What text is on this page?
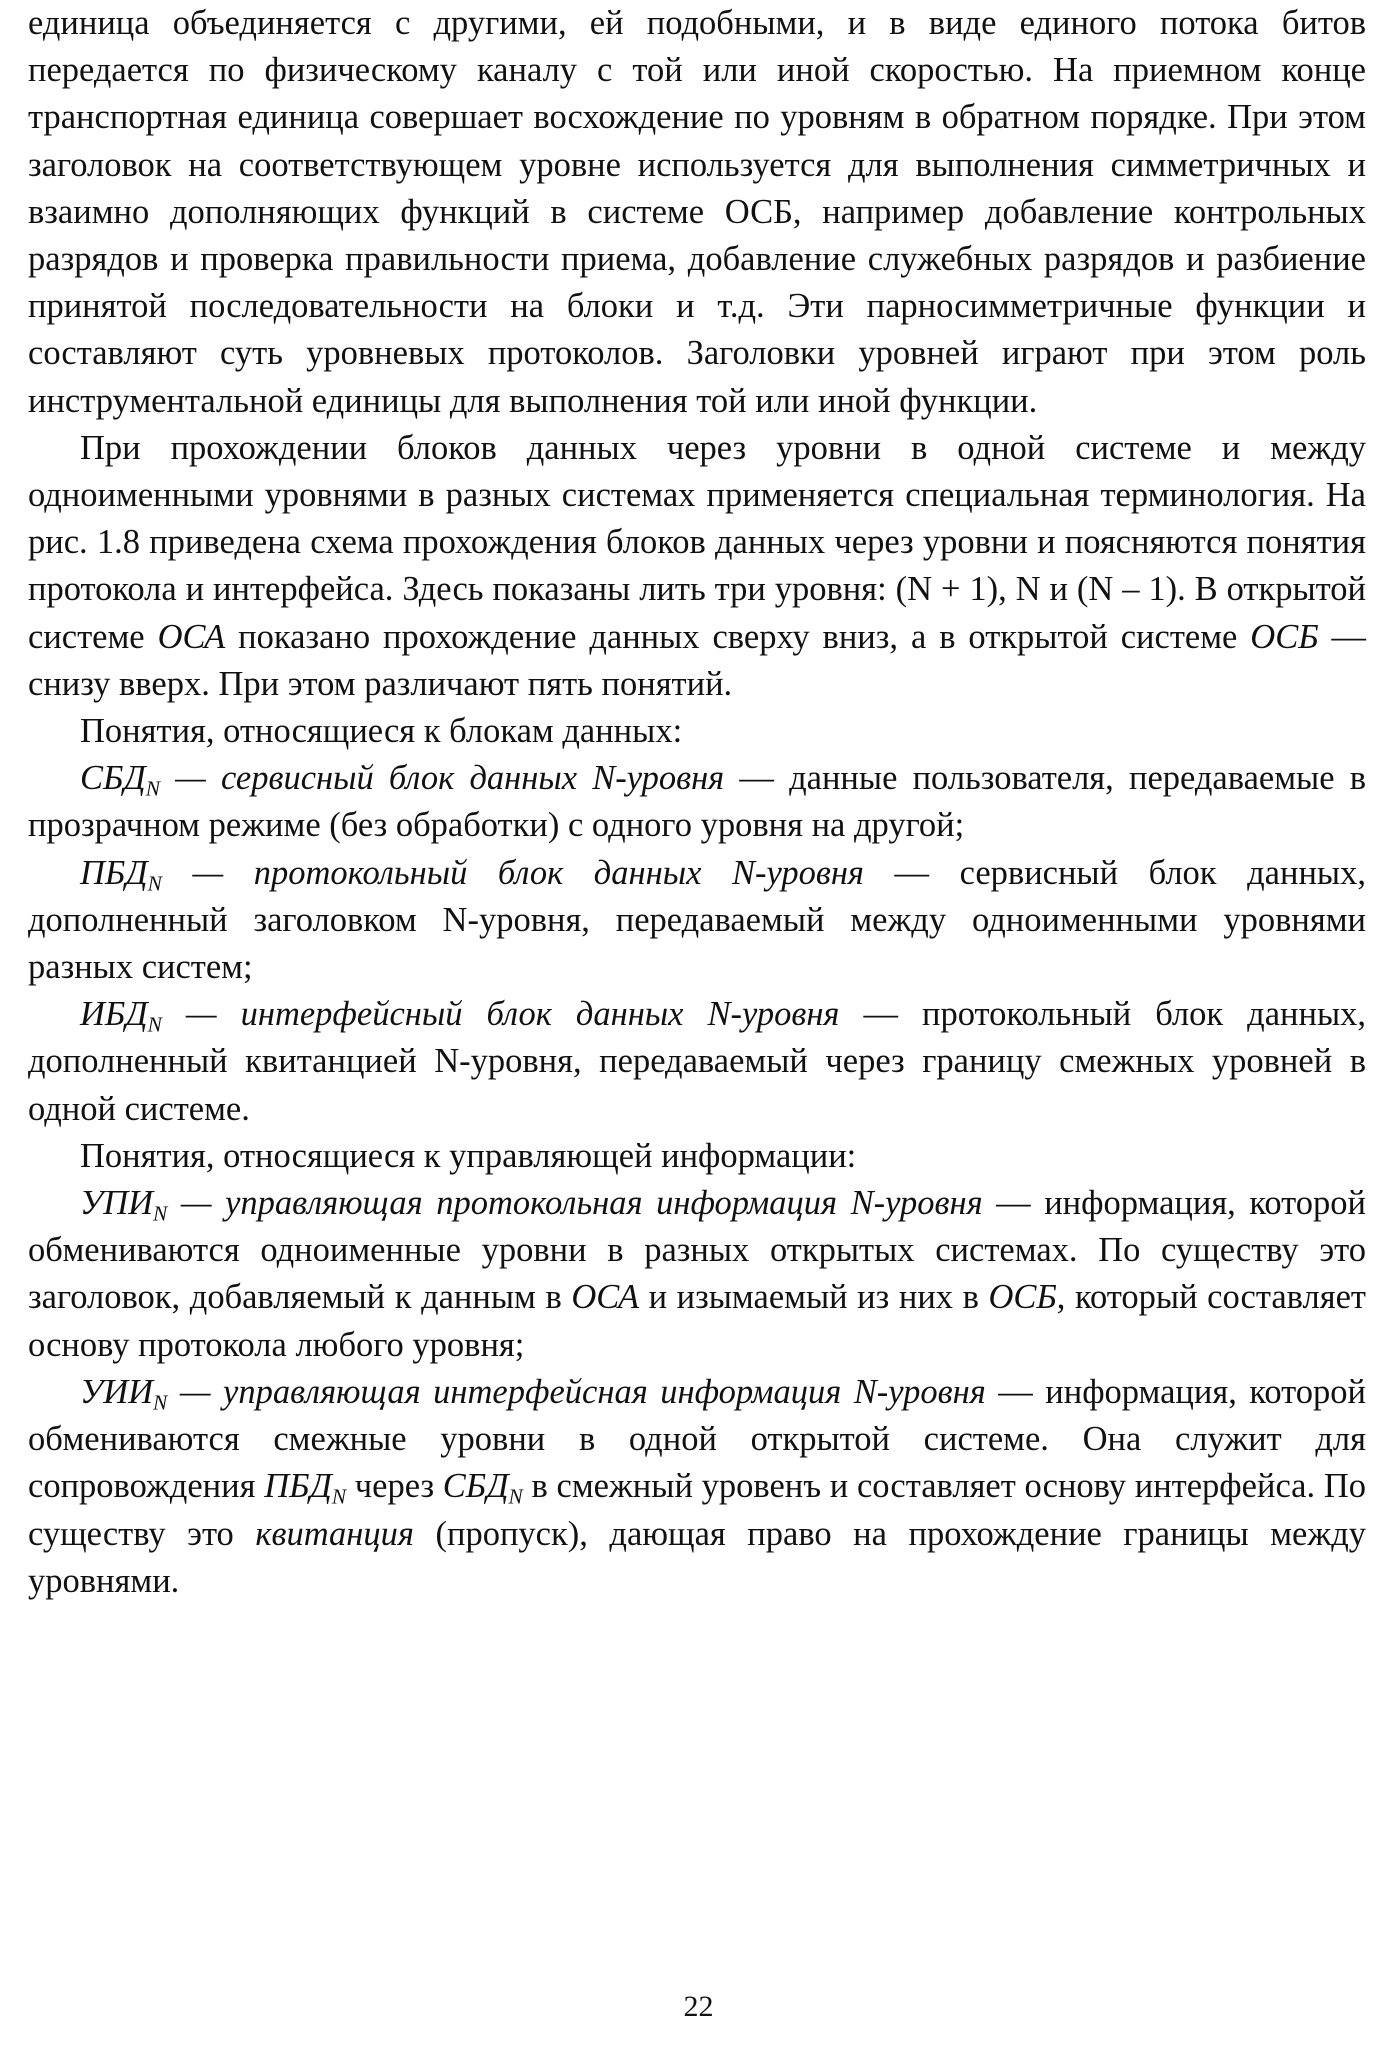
единица объединяется с другими, ей подобными, и в виде единого потока битов передается по физическому каналу с той или иной скоростью. На приемном конце транспортная единица совершает восхождение по уровням в обратном порядке. При этом заголовок на соответствующем уровне используется для выполнения симметричных и взаимно дополняющих функций в системе ОСБ, например добавление контрольных разрядов и проверка правильности приема, добавление служебных разрядов и разбиение принятой последовательности на блоки и т.д. Эти парносимметричные функции и составляют суть уровневых протоколов. Заголовки уровней играют при этом роль инструментальной единицы для выполнения той или иной функции.

При прохождении блоков данных через уровни в одной системе и между одноименными уровнями в разных системах применяется специальная терминология. На рис. 1.8 приведена схема прохождения блоков данных через уровни и поясняются понятия протокола и интерфейса. Здесь показаны лить три уровня: (N + 1), N и (N – 1). В открытой системе ОСА показано прохождение данных сверху вниз, а в открытой системе ОСБ — снизу вверх. При этом различают пять понятий.

Понятия, относящиеся к блокам данных:

$СБД_N$ — сервисный блок данных N-уровня — данные пользователя, передаваемые в прозрачном режиме (без обработки) с одного уровня на другой;

$ПБД_N$ — протокольный блок данных N-уровня — сервисный блок данных, дополненный заголовком N-уровня, передаваемый между одноименными уровнями разных систем;

$ИБД_N$ — интерфейсный блок данных N-уровня — протокольный блок данных, дополненный квитанцией N-уровня, передаваемый через границу смежных уровней в одной системе.

Понятия, относящиеся к управляющей информации:

$УПИ_N$ — управляющая протокольная информация N-уровня — информация, которой обмениваются одноименные уровни в разных открытых системах. По существу это заголовок, добавляемый к данным в ОСА и изымаемый из них в ОСБ, который составляет основу протокола любого уровня;

$УИИ_N$ — управляющая интерфейсная информация N-уровня — информация, которой обмениваются смежные уровни в одной открытой системе. Она служит для сопровождения $ПБД_N$ через $СБД_N$ в смежный уровенъ и составляет основу интерфейса. По существу это квитанция (пропуск), дающая право на прохождение границы между уровнями.

22
